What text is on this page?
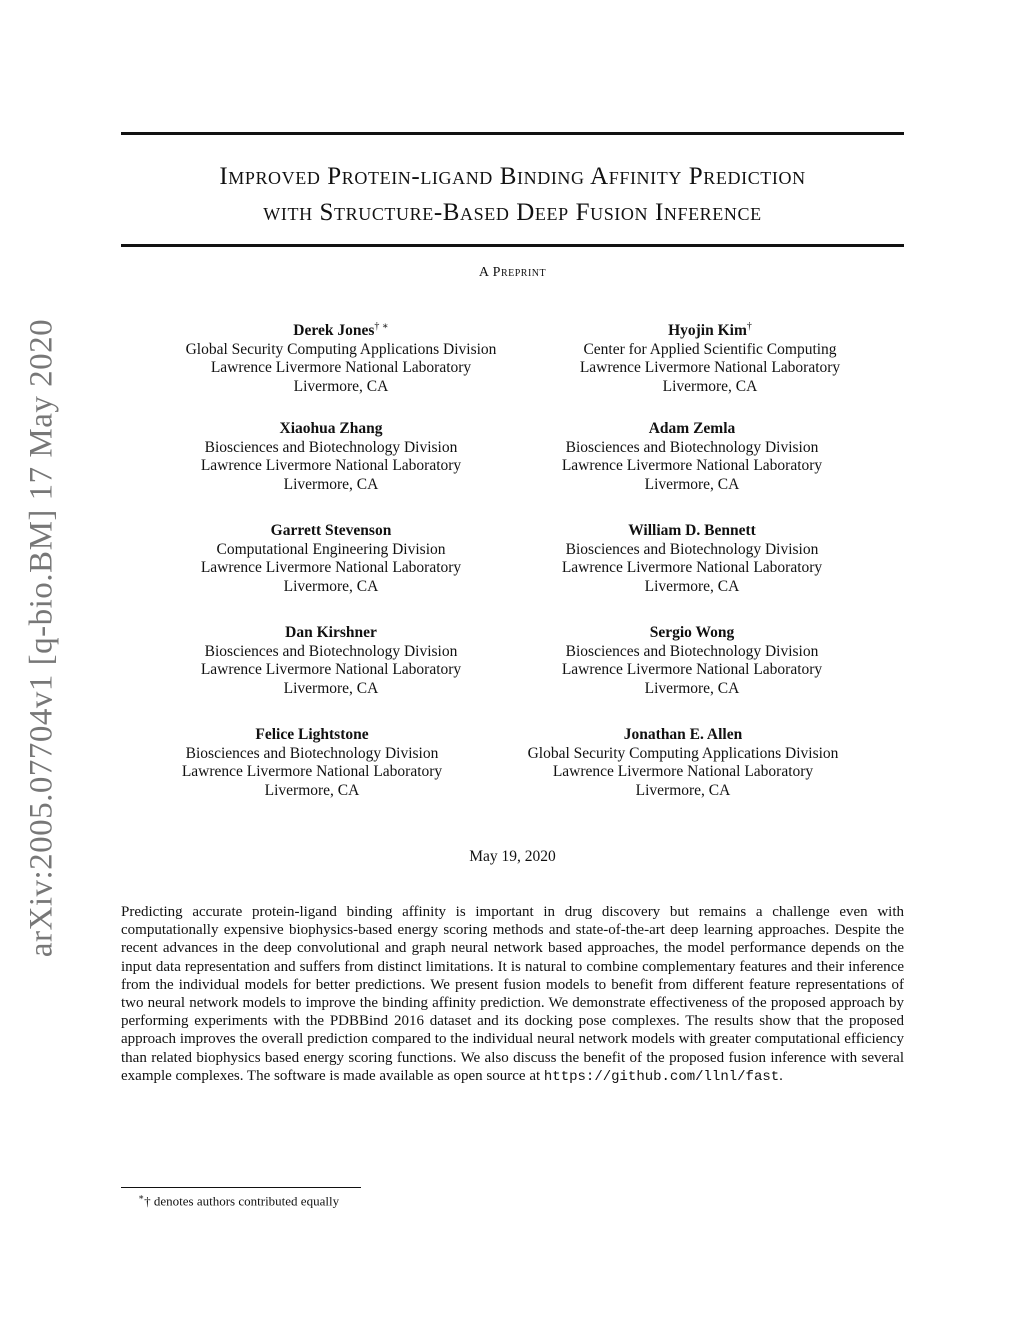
Improved Protein-ligand Binding Affinity Prediction
with Structure-Based Deep Fusion Inference
A Preprint
arXiv:2005.07704v1 [q-bio.BM] 17 May 2020	Derek Jones† ∗
Global Security Computing Applications Division
Lawrence Livermore National Laboratory
Livermore, CA
Hyojin Kim†
Center for Applied Scientific Computing
Lawrence Livermore National Laboratory
Livermore, CA
Xiaohua Zhang
Biosciences and Biotechnology Division
Lawrence Livermore National Laboratory
Livermore, CA
Adam Zemla
Biosciences and Biotechnology Division
Lawrence Livermore National Laboratory
Livermore, CA
Garrett Stevenson
Computational Engineering Division
Lawrence Livermore National Laboratory
Livermore, CA
William D. Bennett
Biosciences and Biotechnology Division
Lawrence Livermore National Laboratory
Livermore, CA
Dan Kirshner
Biosciences and Biotechnology Division
Lawrence Livermore National Laboratory
Livermore, CA
Sergio Wong
Biosciences and Biotechnology Division
Lawrence Livermore National Laboratory
Livermore, CA
Felice Lightstone
Biosciences and Biotechnology Division
Lawrence Livermore National Laboratory
Livermore, CA
Jonathan E. Allen
Global Security Computing Applications Division
Lawrence Livermore National Laboratory
Livermore, CA
May 19, 2020
Predicting accurate protein-ligand binding affinity is important in drug discovery but remains a challenge even with computationally expensive biophysics-based energy scoring methods and state-of-the-art deep learning approaches. Despite the recent advances in the deep convolutional and graph neural network based approaches, the model performance depends on the input data representation and suffers from distinct limitations. It is natural to combine complementary features and their inference from the individual models for better predictions. We present fusion models to benefit from different feature representations of two neural network models to improve the binding affinity prediction. We demonstrate effectiveness of the proposed approach by performing experiments with the PDBBind 2016 dataset and its docking pose complexes. The results show that the proposed approach improves the overall prediction compared to the individual neural network models with greater computational efficiency than related biophysics based energy scoring functions. We also discuss the benefit of the proposed fusion inference with several example complexes. The software is made available as open source at https://github.com/llnl/fast.
∗† denotes authors contributed equally
